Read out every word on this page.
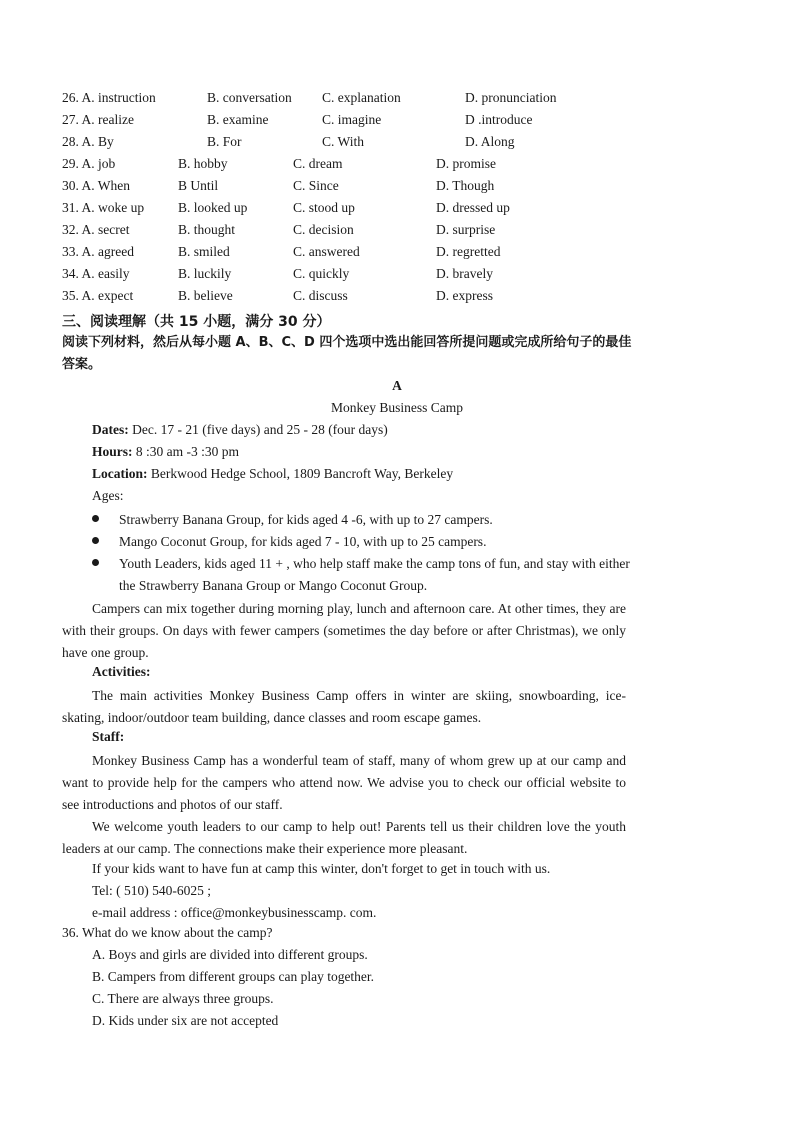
26. A. instruction	B. conversation C. explanation	D. pronunciation
27. A. realize	B. examine	C. imagine	D .introduce
28. A. By	B. For	C. With	D. Along
29. A. job	B. hobby	C. dream	D. promise
30. A. When	B Until	C. Since	D. Though
31. A. woke up	B. looked up	C. stood up	D. dressed up
32. A. secret	B. thought	C. decision	D. surprise
33. A. agreed	B. smiled	C. answered	D. regretted
34. A. easily	B. luckily	C. quickly	D. bravely
35. A. expect	B. believe	C. discuss	D. express
三、阅读理解（共 15 小题，满分 30 分）
阅读下列材料，然后从每小题 A、B、C、D 四个选项中选出能回答所提问题或完成所给句子的最佳答案。
A
Monkey Business Camp
Dates: Dec. 17 - 21 (five days) and 25 - 28 (four days)
Hours: 8 :30 am -3 :30 pm
Location: Berkwood Hedge School, 1809 Bancroft Way, Berkeley
Ages:
Strawberry Banana Group, for kids aged 4 -6, with up to 27 campers.
Mango Coconut Group, for kids aged 7 - 10, with up to 25 campers.
Youth Leaders, kids aged 11 + , who help staff make the camp tons of fun, and stay with either the Strawberry Banana Group or Mango Coconut Group.
Campers can mix together during morning play, lunch and afternoon care. At other times, they are with their groups. On days with fewer campers (sometimes the day before or after Christmas), we only have one group.
Activities:
The main activities Monkey Business Camp offers in winter are skiing, snowboarding, ice-skating, indoor/outdoor team building, dance classes and room escape games.
Staff:
Monkey Business Camp has a wonderful team of staff, many of whom grew up at our camp and want to provide help for the campers who attend now. We advise you to check our official website to see introductions and photos of our staff.
We welcome youth leaders to our camp to help out! Parents tell us their children love the youth leaders at our camp. The connections make their experience more pleasant.
If your kids want to have fun at camp this winter, don't forget to get in touch with us.
Tel: ( 510) 540-6025 ;
e-mail address : office@monkeybusinesscamp. com.
36. What do we know about the camp?
A. Boys and girls are divided into different groups.
B. Campers from different groups can play together.
C. There are always three groups.
D. Kids under six are not accepted
